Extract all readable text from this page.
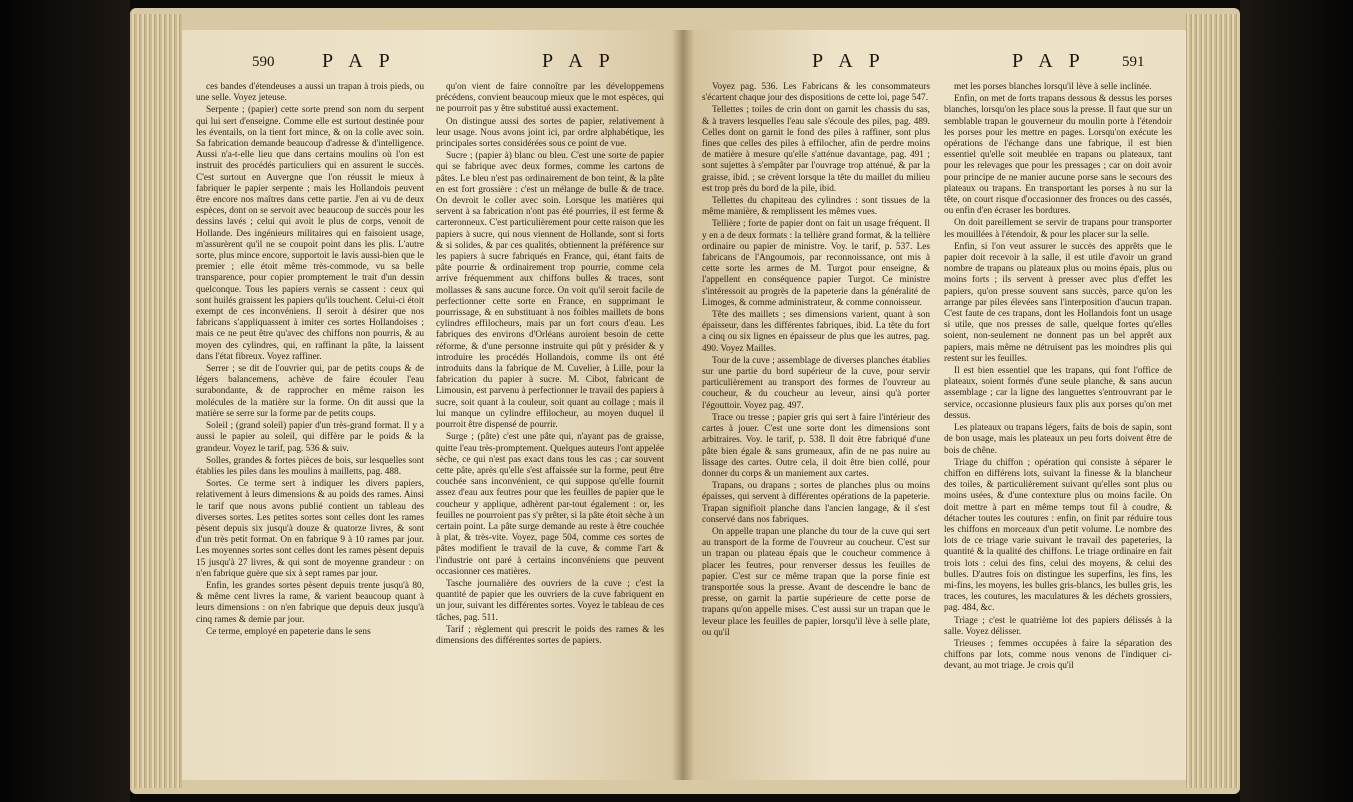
590 P A P	P A P

ces bandes d'étendeuses a aussi un trapan à trois pieds, ou une selle. Voyez jeteuse.

Serpente ; (papier) cette sorte prend son nom du serpent qui lui sert d'enseigne. Comme elle est surtout destinée pour les éventails, on la tient fort mince, & on la colle avec soin. Sa fabrication demande beaucoup d'adresse & d'intelligence. Aussi n'a-t-elle lieu que dans certains moulins où l'on est instruit des procédés particuliers qui en assurent le succès. C'est surtout en Auvergne que l'on réussit le mieux à fabriquer le papier serpente ; mais les Hollandois peuvent être encore nos maîtres dans cette partie. J'en ai vu de deux espèces, dont on se servoit avec beaucoup de succès pour les dessins lavés ; celui qui avoit le plus de corps, venoit de Hollande. Des ingénieurs militaires qui en faisoient usage, m'assurèrent qu'il ne se coupoit point dans les plis. L'autre sorte, plus mince encore, supportoit le lavis aussi-bien que le premier ; elle étoit même très-commode, vu sa belle transparence, pour copier promptement le trait d'un dessin quelconque. Tous les papiers vernis se cassent : ceux qui sont huilés graissent les papiers qu'ils touchent. Celui-ci étoit exempt de ces inconvéniens. Il seroit à désirer que nos fabricans s'appliquassent à imiter ces sortes Hollandoises ; mais ce ne peut être qu'avec des chiffons non pourris, & au moyen des cylindres, qui, en raffinant la pâte, la laissent dans l'état fibreux. Voyez raffiner.

Serrer ; se dit de l'ouvrier qui, par de petits coups & de légers balancemens, achève de faire écouler l'eau surabondante, & de rapprocher en même raison les molécules de la matière sur la forme. On dit aussi que la matière se serre sur la forme par de petits coups.

Soleil ; (grand soleil) papier d'un très-grand format. Il y a aussi le papier au soleil, qui diffère par le poids & la grandeur. Voyez le tarif, pag. 536 & suiv.

Solles, grandes & fortes pièces de bois, sur lesquelles sont établies les piles dans les moulins à mailletts, pag. 488.

Sortes. Ce terme sert à indiquer les divers papiers, relativement à leurs dimensions & au poids des rames. Ainsi le tarif que nous avons publié contient un tableau des diverses sortes. Les petites sortes sont celles dont les rames pèsent depuis six jusqu'à douze & quatorze livres, & sont d'un très petit format. On en fabrique 9 à 10 rames par jour. Les moyennes sortes sont celles dont les rames pèsent depuis 15 jusqu'à 27 livres, & qui sont de moyenne grandeur : on n'en fabrique guère que six à sept rames par jour.

Enfin, les grandes sortes pèsent depuis trente jusqu'à 80, & même cent livres la rame, & varient beaucoup quant à leurs dimensions : on n'en fabrique que depuis deux jusqu'à cinq rames & demie par jour.

Ce terme, employé en papeterie dans le sens

qu'on vient de faire connoître par les développemens précédens, convient beaucoup mieux que le mot espèces, qui ne pourroit pas y être substitué aussi exactement.

On distingue aussi des sortes de papier, relativement à leur usage. Nous avons joint ici, par ordre alphabétique, les principales sortes considérées sous ce point de vue.

Sucre ; (papier à) blanc ou bleu. C'est une sorte de papier qui se fabrique avec deux formes, comme les cartons de pâtes. Le bleu n'est pas ordinairement de bon teint, & la pâte en est fort grossière : c'est un mélange de bulle & de trace. On devroit le coller avec soin. Lorsque les matières qui servent à sa fabrication n'ont pas été pourries, il est ferme & carteronneux. C'est particulièrement pour cette raison que les papiers à sucre, qui nous viennent de Hollande, sont si forts & si solides, & par ces qualités, obtiennent la préférence sur les papiers à sucre fabriqués en France, qui, étant faits de pâte pourrie & ordinairement trop pourrie, comme cela arrive fréquemment aux chiffons bulles & traces, sont mollasses & sans aucune force. On voit qu'il seroit facile de perfectionner cette sorte en France, en supprimant le pourrissage, & en substituant à nos foibles maillets de bons cylindres effilocheurs, mais par un fort cours d'eau. Les fabriques des environs d'Orléans auroient besoin de cette réforme, & d'une personne instruite qui pût y présider & y introduire les procédés Hollandois, comme ils ont été introduits dans la fabrique de M. Cuvelier, à Lille, pour la fabrication du papier à sucre. M. Cibot, fabricant de Limousin, est parvenu à perfectionner le travail des papiers à sucre, soit quant à la couleur, soit quant au collage ; mais il lui manque un cylindre effilocheur, au moyen duquel il pourroit être dispensé de pourrir.

Surge ; (pâte) c'est une pâte qui, n'ayant pas de graisse, quitte l'eau très-promptement. Quelques auteurs l'ont appelée sèche, ce qui n'est pas exact dans tous les cas ; car souvent cette pâte, après qu'elle s'est affaissée sur la forme, peut être couchée sans inconvénient, ce qui suppose qu'elle fournit assez d'eau aux feutres pour que les feuilles de papier que le coucheur y applique, adhèrent par-tout également : or, les feuilles ne pourroient pas s'y prêter, si la pâte étoit sèche à un certain point. La pâte surge demande au reste à être couchée à plat, & très-vite. Voyez, page 504, comme ces sortes de pâtes modifient le travail de la cuve, & comme l'art & l'industrie ont paré à certains inconvéniens que peuvent occasionner ces matières.

Tasche journalière des ouvriers de la cuve ; c'est la quantité de papier que les ouvriers de la cuve fabriquent en un jour, suivant les différentes sortes. Voyez le tableau de ces tâches, pag. 511.

Tarif ; règlement qui prescrit le poids des rames & les dimensions des différentes sortes de papiers.

P A P	P A P 591

Voyez pag. 536. Les Fabricans & les consommateurs s'écartent chaque jour des dispositions de cette loi, page 547.

Tellettes ; toiles de crin dont on garnit les chassis du sas, & à travers lesquelles l'eau sale s'écoule des piles, pag. 489. Celles dont on garnit le fond des piles à raffiner, sont plus fines que celles des piles à effilocher, afin de perdre moins de matière à mesure qu'elle s'atténue davantage, pag. 491 ; sont sujettes à s'empâter par l'ouvrage trop atténué, & par la graisse, ibid. ; se crèvent lorsque la tête du maillet du milieu est trop près du bord de la pile, ibid.

Tellettes du chapiteau des cylindres : sont tissues de la même manière, & remplissent les mêmes vues.

Tellière ; forte de papier dont on fait un usage fréquent. Il y en a de deux formats : la tellière grand format, & la tellière ordinaire ou papier de ministre. Voy. le tarif, p. 537. Les fabricans de l'Angoumois, par reconnoissance, ont mis à cette sorte les armes de M. Turgot pour enseigne, & l'appellent en conséquence papier Turgot. Ce ministre s'intéressoit au progrès de la papeterie dans la généralité de Limoges, & comme administrateur, & comme connoisseur.

Tête des maillets ; ses dimensions varient, quant à son épaisseur, dans les différentes fabriques, ibid. La tête du fort a cinq ou six lignes en épaisseur de plus que les autres, pag. 490. Voyez Mailles.

Tour de la cuve ; assemblage de diverses planches établies sur une partie du bord supérieur de la cuve, pour servir particulièrement au transport des formes de l'ouvreur au coucheur, & du coucheur au leveur, ainsi qu'à porter l'égouttoir. Voyez pag. 497.

Trace ou tresse ; papier gris qui sert à faire l'intérieur des cartes à jouer. C'est une sorte dont les dimensions sont arbitraires. Voy. le tarif, p. 538. Il doit être fabriqué d'une pâte bien égale & sans grumeaux, afin de ne pas nuire au lissage des cartes. Outre cela, il doit être bien collé, pour donner du corps & un maniement aux cartes.

Trapans, ou drapans ; sortes de planches plus ou moins épaisses, qui servent à différentes opérations de la papeterie. Trapan signifioit planche dans l'ancien langage, & il s'est conservé dans nos fabriques.

On appelle trapan une planche du tour de la cuve qui sert au transport de la forme de l'ouvreur au coucheur. C'est sur un trapan ou plateau épais que le coucheur commence à placer les feutres, pour renverser dessus les feuilles de papier. C'est sur ce même trapan que la porse finie est transportée sous la presse. Avant de descendre le banc de presse, on garnit la partie supérieure de cette porse de trapans qu'on appelle mises. C'est aussi sur un trapan que le leveur place les feuilles de papier, lorsqu'il lève à selle plate, ou qu'il

met les porses blanches lorsqu'il lève à selle inclinée.

Enfin, on met de forts trapans dessous & dessus les porses blanches, lorsqu'on les place sous la presse. Il faut que sur un semblable trapan le gouverneur du moulin porte à l'étendoir les porses pour les mettre en pages. Lorsqu'on exécute les opérations de l'échange dans une fabrique, il est bien essentiel qu'elle soit meublée en trapans ou plateaux, tant pour les relevages que pour les pressages ; car on doit avoir pour principe de ne manier aucune porse sans le secours des plateaux ou trapans. En transportant les porses à nu sur la tête, on court risque d'occasionner des fronces ou des cassés, ou enfin d'en écraser les bordures.

On doit pareillement se servir de trapans pour transporter les mouillées à l'étendoir, & pour les placer sur la selle.

Enfin, si l'on veut assurer le succès des apprêts que le papier doit recevoir à la salle, il est utile d'avoir un grand nombre de trapans ou plateaux plus ou moins épais, plus ou moins forts ; ils servent à presser avec plus d'effet les papiers, qu'on presse souvent sans succès, parce qu'on les arrange par piles élevées sans l'interposition d'aucun trapan. C'est faute de ces trapans, dont les Hollandois font un usage si utile, que nos presses de salle, quelque fortes qu'elles soient, non-seulement ne donnent pas un bel apprêt aux papiers, mais même ne détruisent pas les moindres plis qui restent sur les feuilles.

Il est bien essentiel que les trapans, qui font l'office de plateaux, soient formés d'une seule planche, & sans aucun assemblage ; car la ligne des languettes s'entrouvrant par le service, occasionne plusieurs faux plis aux porses qu'on met dessus.

Les plateaux ou trapans légers, faits de bois de sapin, sont de bon usage, mais les plateaux un peu forts doivent être de bois de chêne.

Triage du chiffon ; opération qui consiste à séparer le chiffon en différens lots, suivant la finesse & la blancheur des toiles, & particulièrement suivant qu'elles sont plus ou moins usées, & d'une contexture plus ou moins facile. On doit mettre à part en même temps tout fil à coudre, & détacher toutes les coutures : enfin, on finit par réduire tous les chiffons en morceaux d'un petit volume. Le nombre des lots de ce triage varie suivant le travail des papeteries, la quantité & la qualité des chiffons. Le triage ordinaire en fait trois lots : celui des fins, celui des moyens, & celui des bulles. D'autres fois on distingue les superfins, les fins, les mi-fins, les moyens, les bulles gris-blancs, les bulles gris, les traces, les coutures, les maculatures & les déchets grossiers, pag. 484, &c.

Triage ; c'est le quatrième lot des papiers délissés à la salle. Voyez délisser.

Trieuses ; femmes occupées à faire la séparation des chiffons par lots, comme nous venons de l'indiquer ci-devant, au mot triage. Je crois qu'il
